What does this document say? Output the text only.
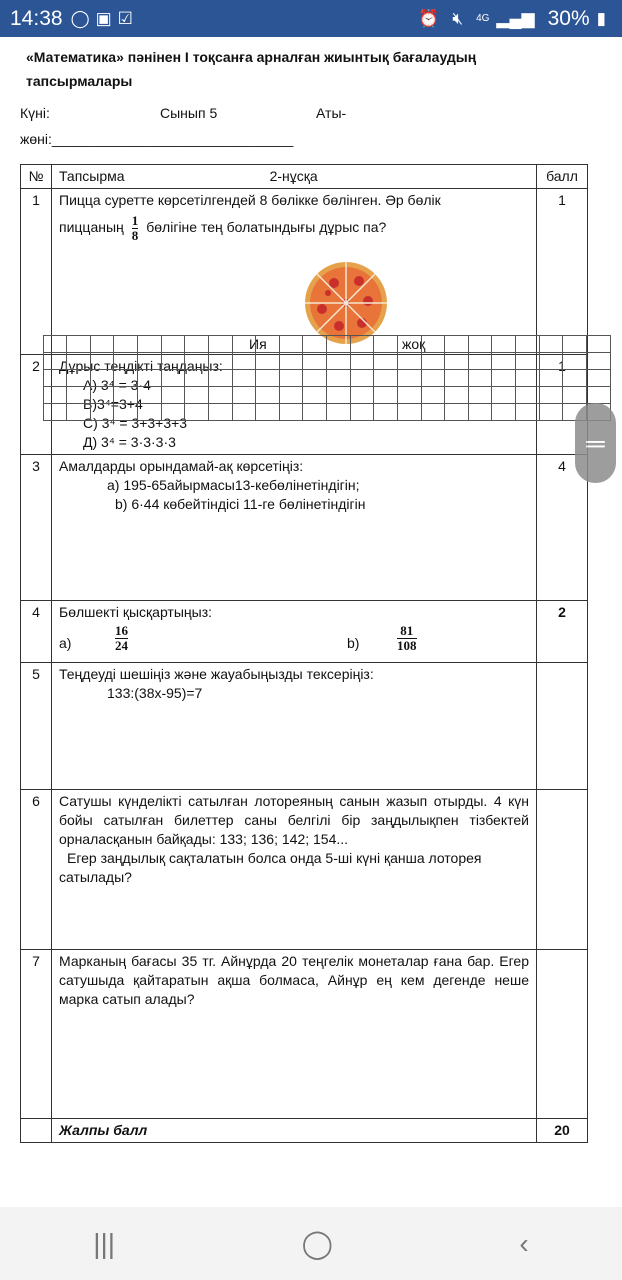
14:38 ◯ ▣ ☑	⏰ 🔇︎ 4G ▂▄▆ 30% ▮
«Математика» пәнінен І тоқсанға арналған жиынтық бағалаудың тапсырмалары
Күні:	Сынып 5	Аты-
жөні:_______________________________
№	Тапсырма	2-нұсқа	балл
1	Пицца суретте көрсетілгендей 8 бөлікке бөлінген. Әр бөлік
пиццаның $\frac{1}{8}$ бөлігіне тең болатындығы дұрыс па?
Ия	жоқ
	1
2	Дұрыс теңдікті таңдаңыз:
А) 3⁴ = 3·4
В)3⁴=3+4
С) 3⁴ = 3+3+3+3
Д) 3⁴ = 3·3·3·3
	1
3	Амалдарды орындамай-ақ көрсетіңіз:
а) 195-65айырмасы13-кебөлінетіндігін;
b) 6·44 көбейтіндісі 11-ге бөлінетіндігін

	4
4	Бөлшекті қысқартыңыз:
а)	$\frac{16}{24}$	b)	$\frac{81}{108}$
	2
5	Теңдеуді шешіңіз және жауабыңызды тексеріңіз:
133:(38х-95)=7

6	Сатушы күнделікті сатылған лотореяның санын жазып отырды. 4 күн бойы сатылған билеттер саны белгілі бір заңдылықпен тізбектей орналасқанын байқады: 133; 136; 142; 154...
Егер заңдылық сақталатын болса онда 5-ші күні қанша лоторея сатылады?

7	Марканың бағасы 35 тг. Айнұрда 20 теңгелік монеталар ғана бар. Егер сатушыда қайтаратын ақша болмаса, Айнұр ең кем дегенде неше марка сатып алады?

	Жалпы балл	20
═
|||	◯	‹
